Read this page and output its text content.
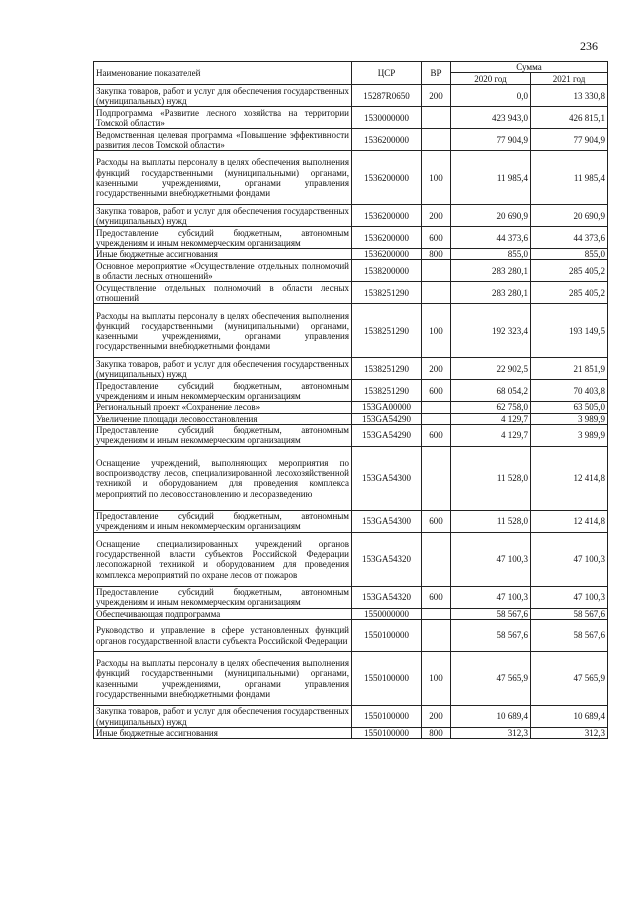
236
Наименование показателей	ЦСР	ВР	Сумма	
			2020 год	2021 год
Закупка товаров, работ и услуг для обеспечения государственных (муниципальных) нужд	15287R0650	200	0,0	13 330,8
Подпрограмма «Развитие лесного хозяйства на территории Томской области»	1530000000		423 943,0	426 815,1
Ведомственная целевая программа «Повышение эффективности развития лесов Томской области»	1536200000		77 904,9	77 904,9
Расходы на выплаты персоналу в целях обеспечения выполнения функций государственными (муниципальными) органами, казенными учреждениями, органами управления государственными внебюджетными фондами	1536200000	100	11 985,4	11 985,4
Закупка товаров, работ и услуг для обеспечения государственных (муниципальных) нужд	1536200000	200	20 690,9	20 690,9
Предоставление субсидий бюджетным, автономным учреждениям и иным некоммерческим организациям	1536200000	600	44 373,6	44 373,6
Иные бюджетные ассигнования	1536200000	800	855,0	855,0
Основное мероприятие «Осуществление отдельных полномочий в области лесных отношений»	1538200000		283 280,1	285 405,2
Осуществление отдельных полномочий в области лесных отношений	1538251290		283 280,1	285 405,2
Расходы на выплаты персоналу в целях обеспечения выполнения функций государственными (муниципальными) органами, казенными учреждениями, органами управления государственными внебюджетными фондами	1538251290	100	192 323,4	193 149,5
Закупка товаров, работ и услуг для обеспечения государственных (муниципальных) нужд	1538251290	200	22 902,5	21 851,9
Предоставление субсидий бюджетным, автономным учреждениям и иным некоммерческим организациям	1538251290	600	68 054,2	70 403,8
Региональный проект «Сохранение лесов»	153GA00000		62 758,0	63 505,0
Увеличение площади лесовосстановления	153GA54290		4 129,7	3 989,9
Предоставление субсидий бюджетным, автономным учреждениям и иным некоммерческим организациям	153GA54290	600	4 129,7	3 989,9
Оснащение учреждений, выполняющих мероприятия по воспроизводству лесов, специализированной лесохозяйственной техникой и оборудованием для проведения комплекса мероприятий по лесовосстановлению и лесоразведению	153GA54300		11 528,0	12 414,8
Предоставление субсидий бюджетным, автономным учреждениям и иным некоммерческим организациям	153GA54300	600	11 528,0	12 414,8
Оснащение специализированных учреждений органов государственной власти субъектов Российской Федерации лесопожарной техникой и оборудованием для проведения комплекса мероприятий по охране лесов от пожаров	153GA54320		47 100,3	47 100,3
Предоставление субсидий бюджетным, автономным учреждениям и иным некоммерческим организациям	153GA54320	600	47 100,3	47 100,3
Обеспечивающая подпрограмма	1550000000		58 567,6	58 567,6
Руководство и управление в сфере установленных функций органов государственной власти субъекта Российской Федерации	1550100000		58 567,6	58 567,6
Расходы на выплаты персоналу в целях обеспечения выполнения функций государственными (муниципальными) органами, казенными учреждениями, органами управления государственными внебюджетными фондами	1550100000	100	47 565,9	47 565,9
Закупка товаров, работ и услуг для обеспечения государственных (муниципальных) нужд	1550100000	200	10 689,4	10 689,4
Иные бюджетные ассигнования	1550100000	800	312,3	312,3
